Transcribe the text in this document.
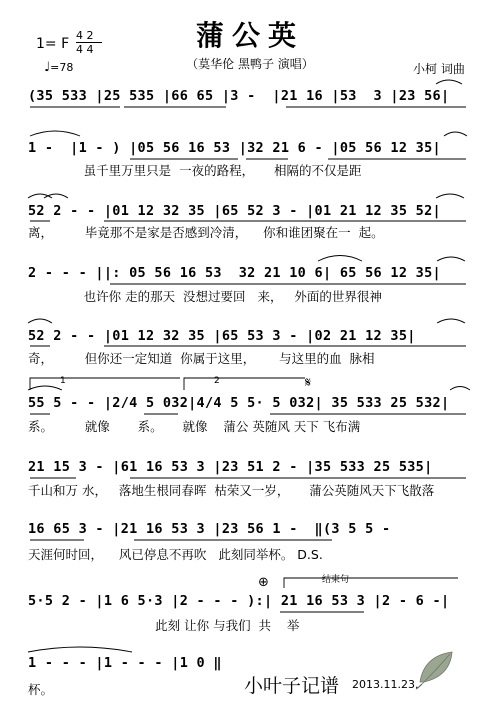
蒲公英
（莫华伦 黑鸭子 演唱）
1= F
4 2
4 4
♩=78	小柯 词曲
(35 533 |25 535 |66 65 |3 -  |21 16 |53  3 |23 56|
1 -  |1 - ) |05 56 16 53 |32 21 6 - |05 56 12 35|
虽千里万里只是  一夜的路程，     相隔的不仅是距
52 2 - - |01 12 32 35 |65 52 3 - |01 21 12 35 52|
离，        毕竟那不是家是否感到冷清，    你和谁团聚在一  起。
2 - - - ||: 05 56 16 53  32 21 10 6| 65 56 12 35|
也许你 走的那天  没想过要回   来，   外面的世界很神
52 2 - - |01 12 32 35 |65 53 3 - |02 21 12 35|
奇，        但你还一定知道  你属于这里，      与这里的血  脉相
55 5 - - |2/4 5 032|4/4 5 5· 5 032| 35 533 25 532|
系。        就像       系。     就像    蒲公 英随风 天下 飞布满
21 15 3 - |61 16 53 3 |23 51 2 - |35 533 25 535|
千山和万 水，   落地生根同春晖  枯荣又一岁，     蒲公英随风天下飞散落
16 65 3 - |21 16 53 3 |23 56 1 -  ‖(3 5 5 -
天涯何时回，    风已停息不再吹   此刻同举杯。 D.S.
5·5 2 - |1 6 5·3 |2 - - - ):| 21 16 53 3 |2 - 6 -|
此刻 让你 与我们  共    举
1 - - - |1 - - - |1 0 ‖
杯。
1	2	𝄋
⊕	结束句
小叶子记谱 2013.11.23.
